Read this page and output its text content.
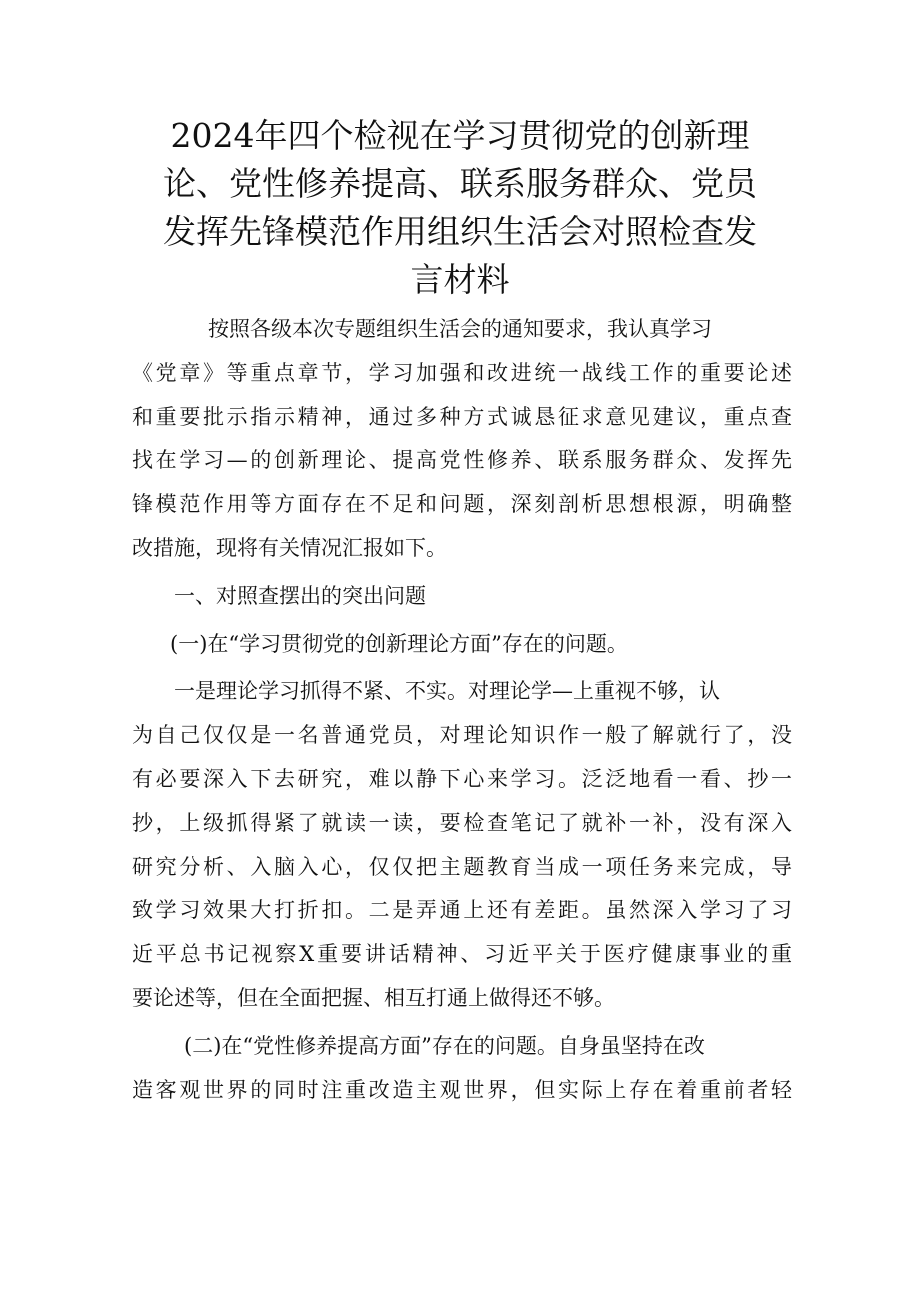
2024年四个检视在学习贯彻党的创新理
论、党性修养提高、联系服务群众、党员
发挥先锋模范作用组织生活会对照检查发
言材料
按照各级本次专题组织生活会的通知要求，我认真学习
《党章》等重点章节，学习加强和改进统一战线工作的重要论述
和重要批示指示精神，通过多种方式诚恳征求意见建议，重点查
找在学习—的创新理论、提高党性修养、联系服务群众、发挥先
锋模范作用等方面存在不足和问题，深刻剖析思想根源，明确整
改措施，现将有关情况汇报如下。
一、对照查摆出的突出问题
(一)在“学习贯彻党的创新理论方面”存在的问题。
一是理论学习抓得不紧、不实。对理论学—上重视不够，认
为自己仅仅是一名普通党员，对理论知识作一般了解就行了，没
有必要深入下去研究，难以静下心来学习。泛泛地看一看、抄一
抄，上级抓得紧了就读一读，要检查笔记了就补一补，没有深入
研究分析、入脑入心，仅仅把主题教育当成一项任务来完成，导
致学习效果大打折扣。二是弄通上还有差距。虽然深入学习了习
近平总书记视察X重要讲话精神、习近平关于医疗健康事业的重
要论述等，但在全面把握、相互打通上做得还不够。
(二)在“党性修养提高方面”存在的问题。自身虽坚持在改
造客观世界的同时注重改造主观世界，但实际上存在着重前者轻
